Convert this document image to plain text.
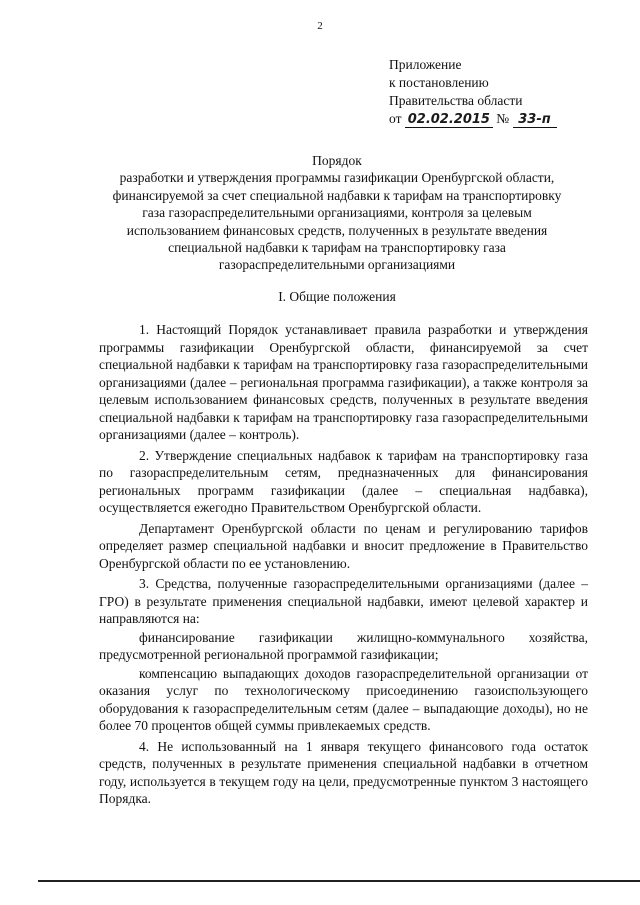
2
Приложение
к постановлению
Правительства области
от 02.02.2015 № 33-п
Порядок
разработки и утверждения программы газификации Оренбургской области,
финансируемой за счет специальной надбавки к тарифам на транспортировку
газа газораспределительными организациями, контроля за целевым
использованием финансовых средств, полученных в результате введения
специальной надбавки к тарифам на транспортировку газа
газораспределительными организациями
I. Общие положения

1. Настоящий Порядок устанавливает правила разработки и утверждения программы газификации Оренбургской области, финансируемой за счет специальной надбавки к тарифам на транспортировку газа газораспределительными организациями (далее – региональная программа газификации), а также контроля за целевым использованием финансовых средств, полученных в результате введения специальной надбавки к тарифам на транспортировку газа газораспределительными организациями (далее – контроль).

2. Утверждение специальных надбавок к тарифам на транспортировку газа по газораспределительным сетям, предназначенных для финансирования региональных программ газификации (далее – специальная надбавка), осуществляется ежегодно Правительством Оренбургской области.

Департамент Оренбургской области по ценам и регулированию тарифов определяет размер специальной надбавки и вносит предложение в Правительство Оренбургской области по ее установлению.

3. Средства, полученные газораспределительными организациями (далее – ГРО) в результате применения специальной надбавки, имеют целевой характер и направляются на:

финансирование газификации жилищно-коммунального хозяйства, предусмотренной региональной программой газификации;

компенсацию выпадающих доходов газораспределительной организации от оказания услуг по технологическому присоединению газоиспользующего оборудования к газораспределительным сетям (далее – выпадающие доходы), но не более 70 процентов общей суммы привлекаемых средств.

4. Не использованный на 1 января текущего финансового года остаток средств, полученных в результате применения специальной надбавки в отчетном году, используется в текущем году на цели, предусмотренные пунктом 3 настоящего Порядка.
